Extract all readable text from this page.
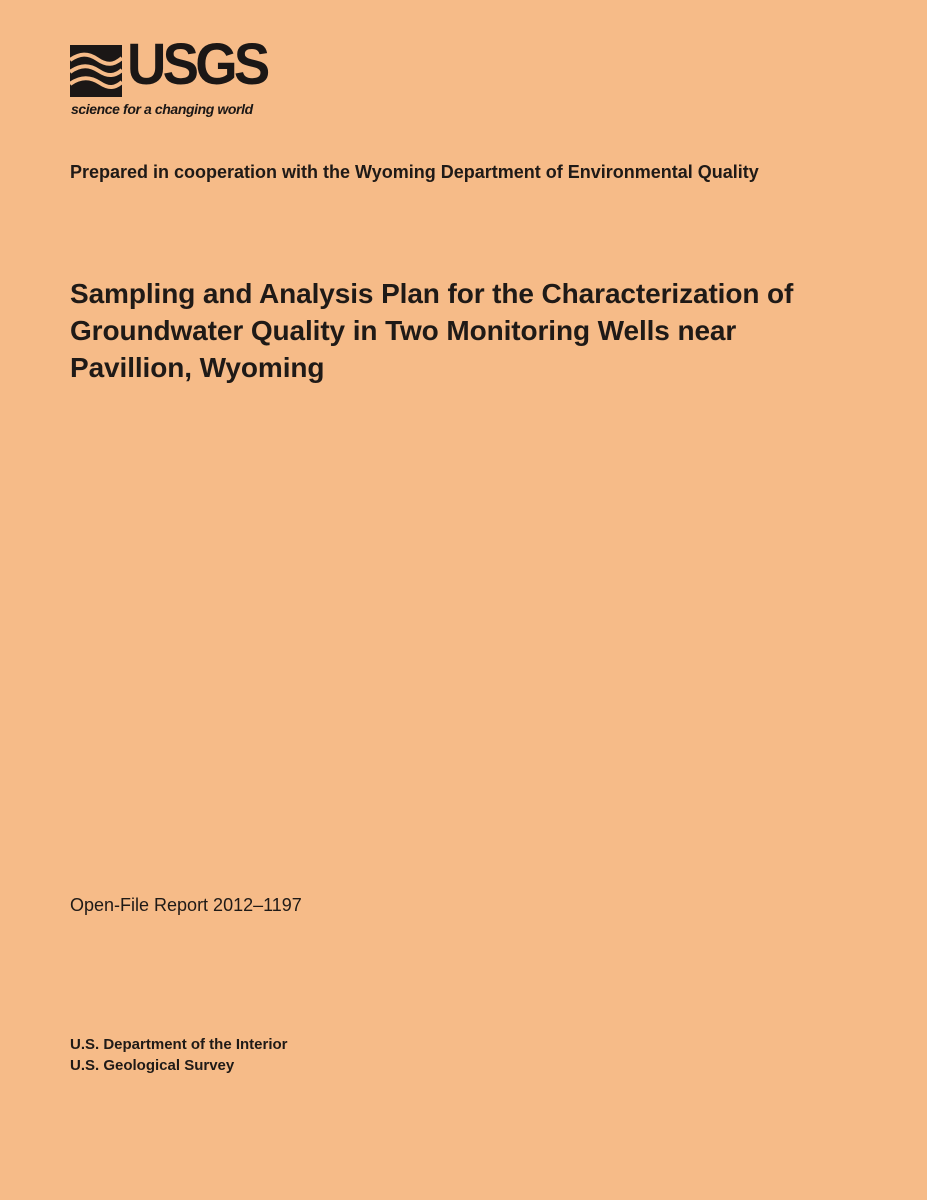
USGS
science for a changing world
Prepared in cooperation with the Wyoming Department of Environmental Quality
Sampling and Analysis Plan for the Characterization of
Groundwater Quality in Two Monitoring Wells near
Pavillion, Wyoming
Open-File Report 2012–1197
U.S. Department of the Interior
U.S. Geological Survey
